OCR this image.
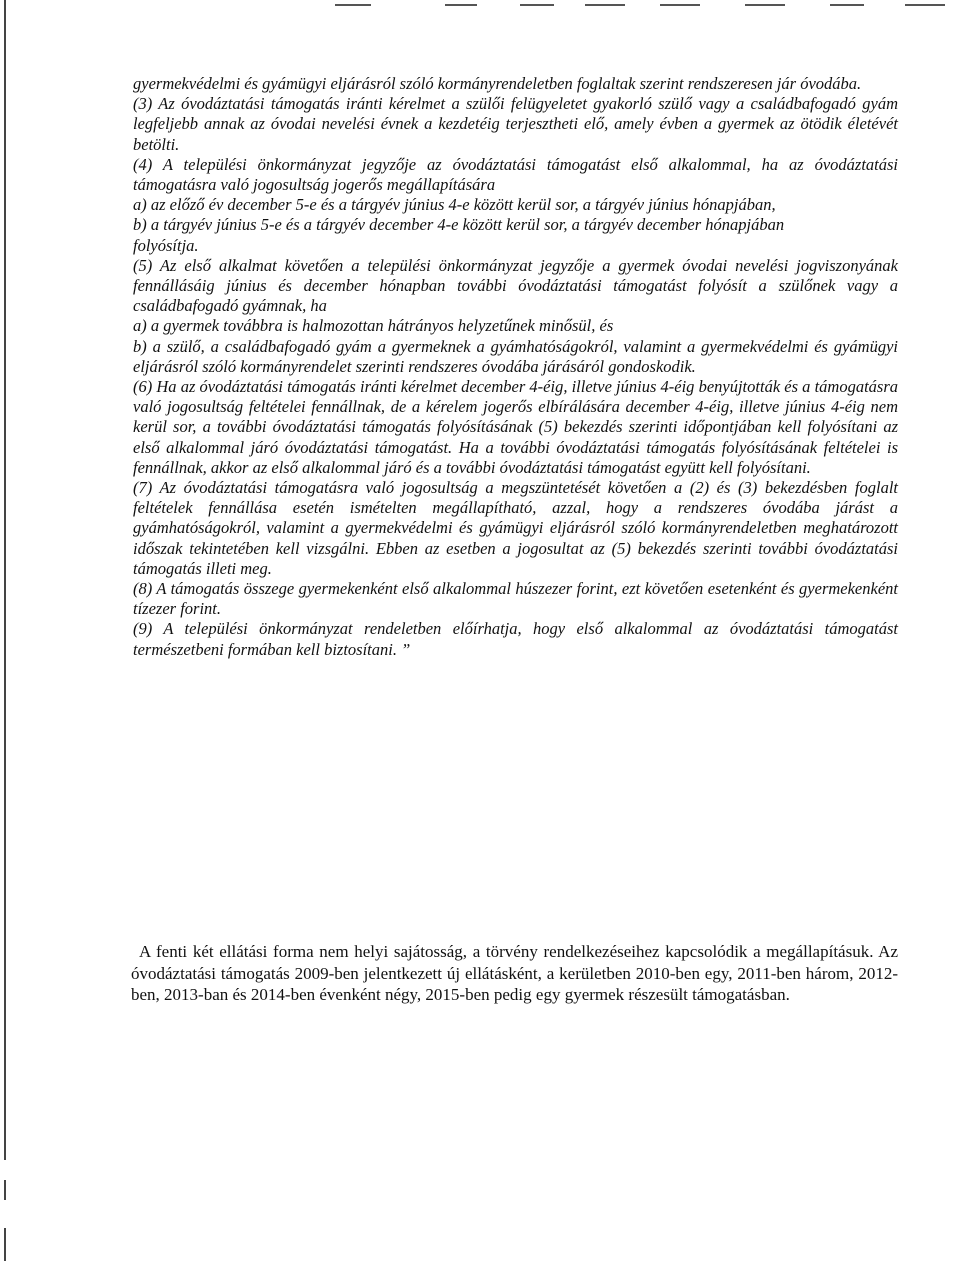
gyermekvédelmi és gyámügyi eljárásról szóló kormányrendeletben foglaltak szerint rendszeresen jár óvodába.

(3) Az óvodáztatási támogatás iránti kérelmet a szülői felügyeletet gyakorló szülő vagy a családbafogadó gyám legfeljebb annak az óvodai nevelési évnek a kezdetéig terjesztheti elő, amely évben a gyermek az ötödik életévét betölti.

(4) A települési önkormányzat jegyzője az óvodáztatási támogatást első alkalommal, ha az óvodáztatási támogatásra való jogosultság jogerős megállapítására

a) az előző év december 5-e és a tárgyév június 4-e között kerül sor, a tárgyév június hónapjában,

b) a tárgyév június 5-e és a tárgyév december 4-e között kerül sor, a tárgyév december hónapjában

folyósítja.

(5) Az első alkalmat követően a települési önkormányzat jegyzője a gyermek óvodai nevelési jogviszonyának fennállásáig június és december hónapban további óvodáztatási támogatást folyósít a szülőnek vagy a családbafogadó gyámnak, ha

a) a gyermek továbbra is halmozottan hátrányos helyzetűnek minősül, és

b) a szülő, a családbafogadó gyám a gyermeknek a gyámhatóságokról, valamint a gyermekvédelmi és gyámügyi eljárásról szóló kormányrendelet szerinti rendszeres óvodába járásáról gondoskodik.

(6) Ha az óvodáztatási támogatás iránti kérelmet december 4-éig, illetve június 4-éig benyújtották és a támogatásra való jogosultság feltételei fennállnak, de a kérelem jogerős elbírálására december 4-éig, illetve június 4-éig nem kerül sor, a további óvodáztatási támogatás folyósításának (5) bekezdés szerinti időpontjában kell folyósítani az első alkalommal járó óvodáztatási támogatást. Ha a további óvodáztatási támogatás folyósításának feltételei is fennállnak, akkor az első alkalommal járó és a további óvodáztatási támogatást együtt kell folyósítani.

(7) Az óvodáztatási támogatásra való jogosultság a megszüntetését követően a (2) és (3) bekezdésben foglalt feltételek fennállása esetén ismételten megállapítható, azzal, hogy a rendszeres óvodába járást a gyámhatóságokról, valamint a gyermekvédelmi és gyámügyi eljárásról szóló kormányrendeletben meghatározott időszak tekintetében kell vizsgálni. Ebben az esetben a jogosultat az (5) bekezdés szerinti további óvodáztatási támogatás illeti meg.

(8) A támogatás összege gyermekenként első alkalommal húszezer forint, ezt követően esetenként és gyermekenként tízezer forint.

(9) A települési önkormányzat rendeletben előírhatja, hogy első alkalommal az óvodáztatási támogatást természetbeni formában kell biztosítani. ”

A fenti két ellátási forma nem helyi sajátosság, a törvény rendelkezéseihez kapcsolódik a megállapításuk. Az óvodáztatási támogatás 2009-ben jelentkezett új ellátásként, a kerületben 2010-ben egy, 2011-ben három, 2012-ben, 2013-ban és 2014-ben évenként négy, 2015-ben pedig egy gyermek részesült támogatásban.
